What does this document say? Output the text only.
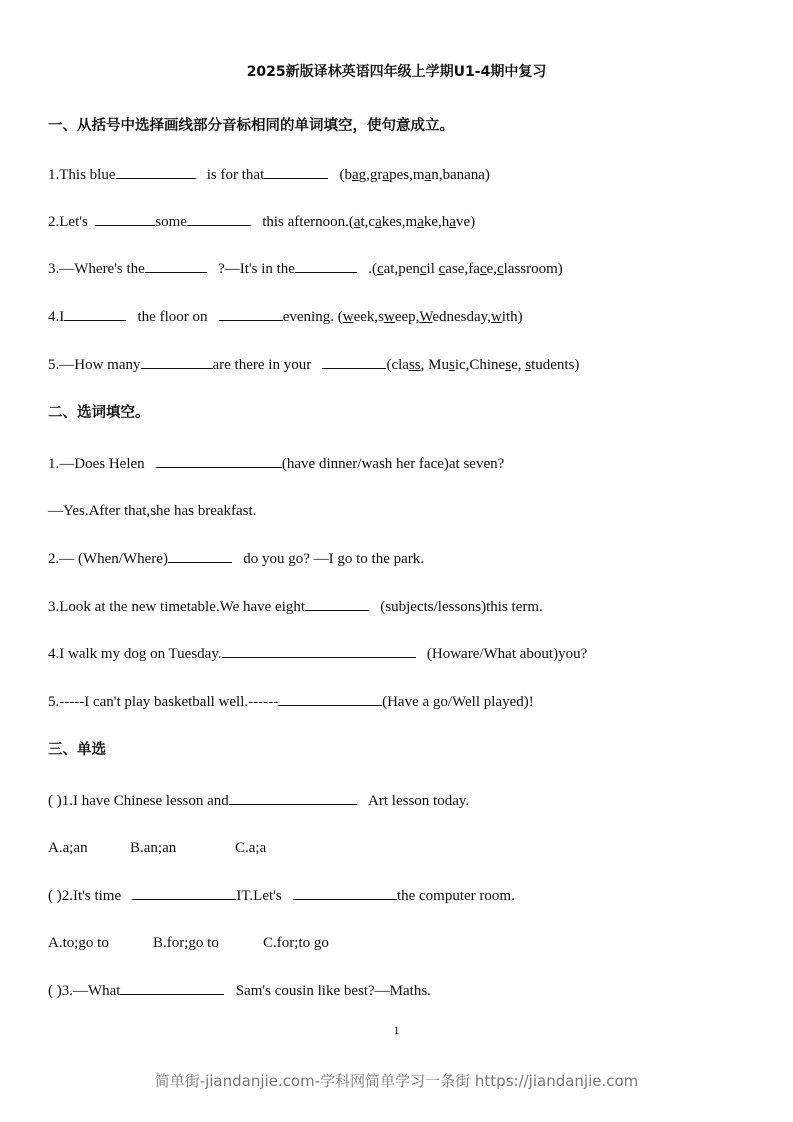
2025新版译林英语四年级上学期U1-4期中复习
一、从括号中选择画线部分音标相同的单词填空，使句意成立。
1.This blue	is for that	(bag,grapes,man,banana)
2.Let's	some	this afternoon.(at,cakes,make,have)
3.—Where's the	?—It's in the	.(cat,pencil case,face,classroom)
4.I	the floor on	evening. (week,sweep,Wednesday,with)
5.—How many	are there in your	(class, Music,Chinese, students)
二、选词填空。
1.—Does Helen	(have dinner/wash her face)at seven?
—Yes.After that,she has breakfast.
2.— (When/Where)	do you go? —I go to the park.
3.Look at the new timetable.We have eight	(subjects/lessons)this term.
4.I walk my dog on Tuesday.	(Howare/What about)you?
5.-----I can't play basketball well.------	(Have a go/Well played)!
三、单选
( )1.I have Chinese lesson and	Art lesson today.
A.a;an	B.an;an	C.a;a
( )2.It's time	IT.Let's	the computer room.
A.to;go to	B.for;go to	C.for;to go
( )3.—What	Sam's cousin like best?—Maths.
1
简单街-jiandanjie.com-学科网简单学习一条街 https://jiandanjie.com
